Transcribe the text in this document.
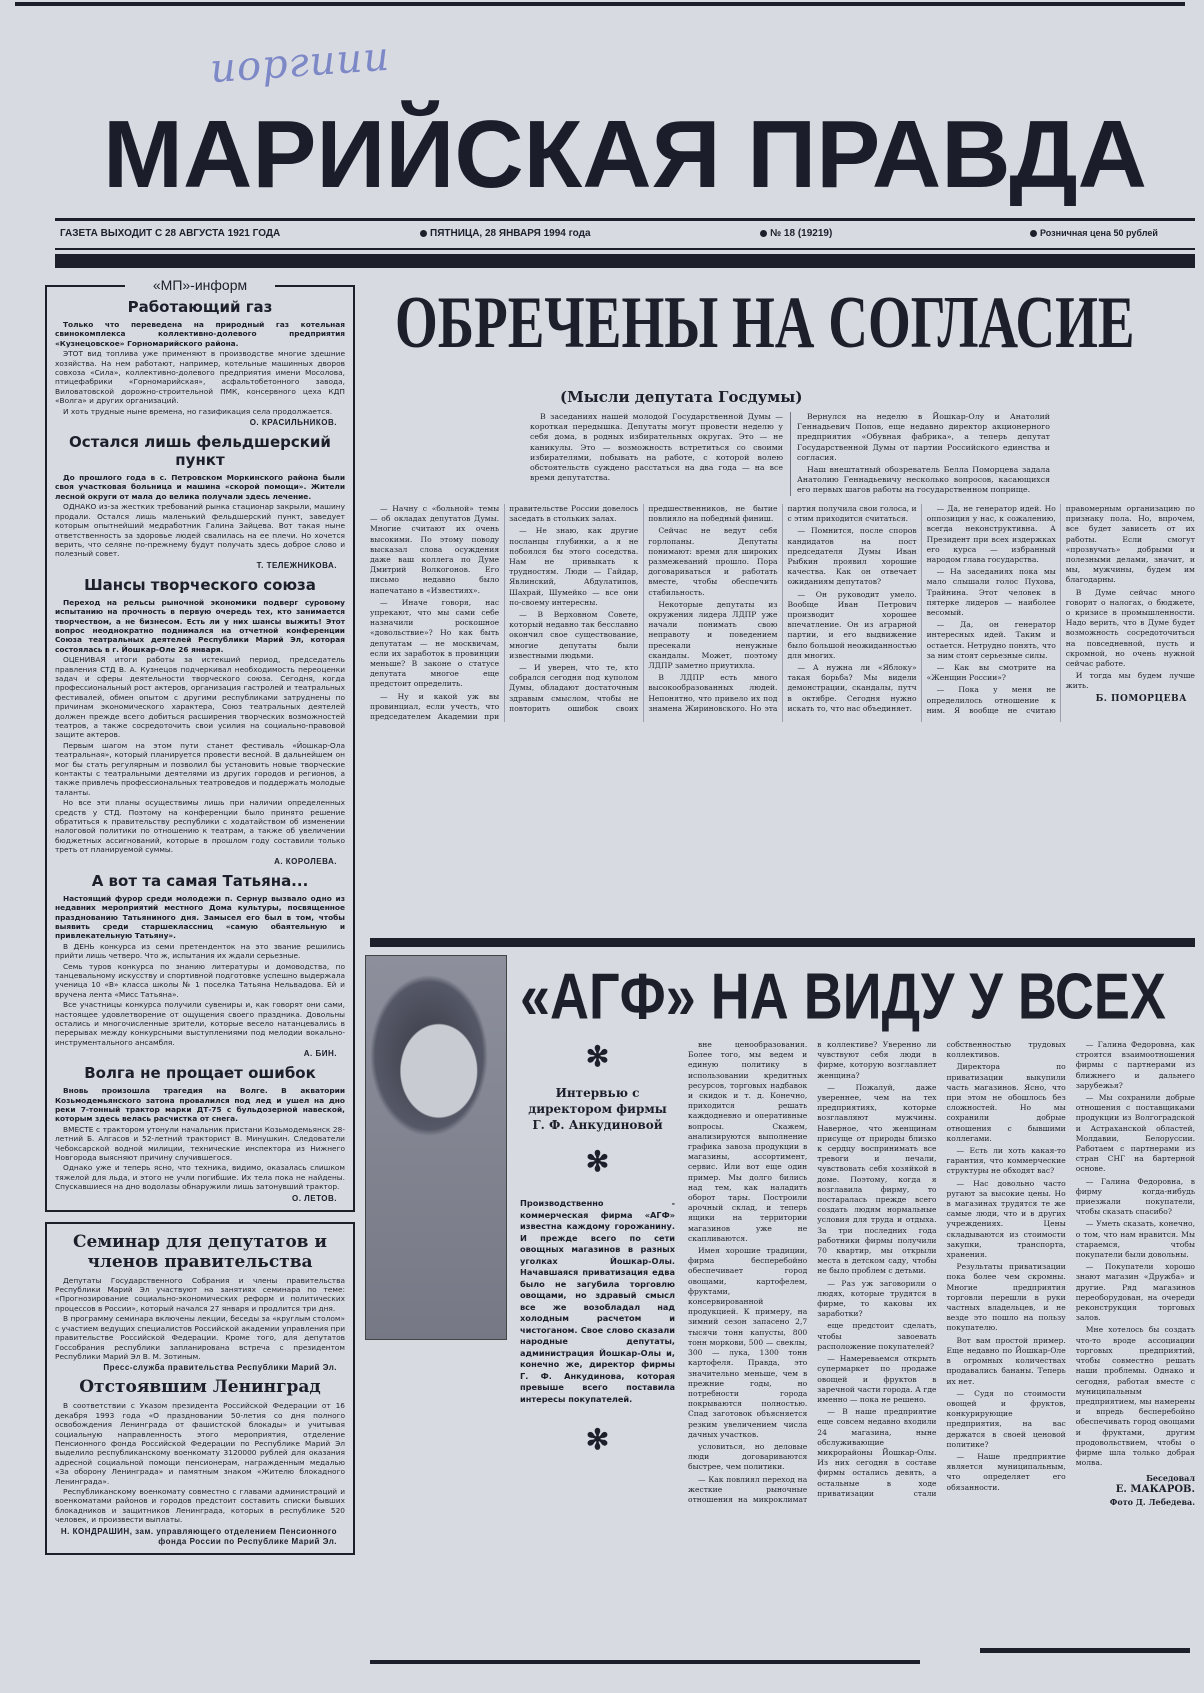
иоргиии
МАРИЙСКАЯ ПРАВДА
ГАЗЕТА ВЫХОДИТ С 28 АВГУСТА 1921 ГОДА	ПЯТНИЦА, 28 ЯНВАРЯ 1994 года	№ 18 (19219)	Розничная цена 50 рублей
«МП»-информ
Работающий газ

Только что переведена на природный газ котельная свинокомплекса коллективно-долевого предприятия «Кузнецовское» Горномарийского района.

ЭТОТ вид топлива уже применяют в производстве многие здешние хозяйства. На нем работают, например, котельные машинных дворов совхоза «Сила», коллективно-долевого предприятия имени Мосолова, птицефабрики «Горномарийская», асфальтобетонного завода, Виловатовской дорожно-строительной ПМК, консервного цеха КДП «Волга» и других организаций.

И хоть трудные ныне времена, но газификация села продолжается.

О. КРАСИЛЬНИКОВ.
Остался лишь фельдшерский пункт

До прошлого года в с. Петровском Моркинского района были своя участковая больница и машина «скорой помощи». Жители лесной округи от мала до велика получали здесь лечение.

ОДНАКО из-за жестких требований рынка стационар закрыли, машину продали. Остался лишь маленький фельдшерский пункт, заведует которым опытнейший медработник Галина Зайцева. Вот такая ныне ответственность за здоровье людей свалилась на ее плечи. Но хочется верить, что селяне по-прежнему будут получать здесь доброе слово и полезный совет.

Т. ТЕЛЕЖНИКОВА.
Шансы творческого союза

Переход на рельсы рыночной экономики подверг суровому испытанию на прочность в первую очередь тех, кто занимается творчеством, а не бизнесом. Есть ли у них шансы выжить! Этот вопрос неоднократно поднимался на отчетной конференции Союза театральных деятелей Республики Марий Эл, которая состоялась в г. Йошкар-Оле 26 января.

ОЦЕНИВАЯ итоги работы за истекший период, председатель правления СТД В. А. Кузнецов подчеркивал необходимость переоценки задач и сферы деятельности творческого союза. Сегодня, когда профессиональный рост актеров, организация гастролей и театральных фестивалей, обмен опытом с другими республиками затруднены по причинам экономического характера, Союз театральных деятелей должен прежде всего добиться расширения творческих возможностей театров, а также сосредоточить свои усилия на социально-правовой защите актеров.

Первым шагом на этом пути станет фестиваль «Йошкар-Ола театральная», который планируется провести весной. В дальнейшем он мог бы стать регулярным и позволил бы установить новые творческие контакты с театральными деятелями из других городов и регионов, а также привлечь профессиональных театроведов и поддержать молодые таланты.

Но все эти планы осуществимы лишь при наличии определенных средств у СТД. Поэтому на конференции было принято решение обратиться к правительству республики с ходатайством об изменении налоговой политики по отношению к театрам, а также об увеличении бюджетных ассигнований, которые в прошлом году составили только треть от планируемой суммы.

А. КОРОЛЕВА.
А вот та самая Татьяна...

Настоящий фурор среди молодежи п. Сернур вызвало одно из недавних мероприятий местного Дома культуры, посвященное празднованию Татьяниного дня. Замысел его был в том, чтобы выявить среди старшеклассниц «самую обаятельную и привлекательную Татьяну».

В ДЕНЬ конкурса из семи претенденток на это звание решились прийти лишь четверо. Что ж, испытания их ждали серьезные.

Семь туров конкурса по знанию литературы и домоводства, по танцевальному искусству и спортивной подготовке успешно выдержала ученица 10 «В» класса школы № 1 поселка Татьяна Нельвадова. Ей и вручена лента «Мисс Татьяна».

Все участницы конкурса получили сувениры и, как говорят они сами, настоящее удовлетворение от ощущения своего праздника. Довольны остались и многочисленные зрители, которые весело натанцевались в перерывах между конкурсными выступлениями под мелодии вокально-инструментального ансамбля.

А. БИН.
Волга не прощает ошибок

Вновь произошла трагедия на Волге. В акватории Козьмодемьянского затона провалился под лед и ушел на дно реки 7-тонный трактор марки ДТ-75 с бульдозерной навеской, которым здесь велась расчистка от снега.

ВМЕСТЕ с трактором утонули начальник пристани Козьмодемьянск 28-летний Б. Алгасов и 52-летний тракторист В. Минушкин. Следователи Чебоксарской водной милиции, технические инспектора из Нижнего Новгорода выясняют причину случившегося.

Однако уже и теперь ясно, что техника, видимо, оказалась слишком тяжелой для льда, и этого не учли погибшие. Их тела пока не найдены. Спускавшиеся на дно водолазы обнаружили лишь затонувший трактор.

О. ЛЕТОВ.
Семинар для депутатов и членов правительства

Депутаты Государственного Собрания и члены правительства Республики Марий Эл участвуют на занятиях семинара по теме: «Прогнозирование социально-экономических реформ и политических процессов в России», который начался 27 января и продлится три дня.

В программу семинара включены лекции, беседы за «круглым столом» с участием ведущих специалистов Российской академии управления при правительстве Российской Федерации. Кроме того, для депутатов Госсобрания республики запланирована встреча с президентом Республики Марий Эл В. М. Зотиным.

Пресс-служба правительства Республики Марий Эл.
Отстоявшим Ленинград

В соответствии с Указом президента Российской Федерации от 16 декабря 1993 года «О праздновании 50-летия со дня полного освобождения Ленинграда от фашистской блокады» и учитывая социальную направленность этого мероприятия, отделение Пенсионного фонда Российской Федерации по Республике Марий Эл выделило республиканскому военкомату 3120000 рублей для оказания адресной социальной помощи пенсионерам, награжденным медалью «За оборону Ленинграда» и памятным знаком «Жителю блокадного Ленинграда».

Республиканскому военкомату совместно с главами администраций и военкоматами районов и городов предстоит составить списки бывших блокадников и защитников Ленинграда, которых в республике 520 человек, и произвести выплаты.

Н. КОНДРАШИН, зам. управляющего отделением Пенсионного фонда России по Республике Марий Эл.
ОБРЕЧЕНЫ НА СОГЛАСИЕ
(Мысли депутата Госдумы)

В заседаниях нашей молодой Государственной Думы — короткая передышка. Депутаты могут провести неделю у себя дома, в родных избирательных округах. Это — не каникулы. Это — возможность встретиться со своими избирателями, побывать на работе, с которой волею обстоятельств суждено расстаться на два года — на все время депутатства.

Вернулся на неделю в Йошкар-Олу и Анатолий Геннадьевич Попов, еще недавно директор акционерного предприятия «Обувная фабрика», а теперь депутат Государственной Думы от партии Российского единства и согласия.

Наш внештатный обозреватель Белла Поморцева задала Анатолию Геннадьевичу несколько вопросов, касающихся его первых шагов работы на государственном поприще.

— Начну с «больной» темы — об окладах депутатов Думы. Многие считают их очень высокими. По этому поводу высказал слова осуждения даже ваш коллега по Думе Дмитрий Волкогонов. Его письмо недавно было напечатано в «Известиях».

— Иначе говоря, нас упрекают, что мы сами себе назначили роскошное «довольствие»? Но как быть депутатам — не москвичам, если их заработок в провинции меньше? В законе о статусе депутата многое еще предстоит определить.

— Ну и какой уж вы провинциал, если учесть, что председателем Академии при правительстве России довелось заседать в стольких залах.

— Не знаю, как другие посланцы глубинки, а я не побоялся бы этого соседства. Нам не привыкать к трудностям. Люди — Гайдар, Явлинский, Абдулатипов, Шахрай, Шумейко — все они по-своему интересны.

— В Верховном Совете, который недавно так бесславно окончил свое существование, многие депутаты были известными людьми.

— И уверен, что те, кто собрался сегодня под куполом Думы, обладают достаточным здравым смыслом, чтобы не повторить ошибок своих предшественников, не бытие повлияло на победный финиш.

Сейчас не ведут себя горлопаны. Депутаты понимают: время для широких размежеваний прошло. Пора договариваться и работать вместе, чтобы обеспечить стабильность.

Некоторые депутаты из окружения лидера ЛДПР уже начали понимать свою неправоту и поведением пресекали ненужные скандалы. Может, поэтому ЛДПР заметно приутихла.

В ЛДПР есть много высокообразованных людей. Непонятно, что привело их под знамена Жириновского. Но эта партия получила свои голоса, и с этим приходится считаться.

— Помнится, после споров кандидатов на пост председателя Думы Иван Рыбкин проявил хорошие качества. Как он отвечает ожиданиям депутатов?

— Он руководит умело. Вообще Иван Петрович производит хорошее впечатление. Он из аграрной партии, и его выдвижение было большой неожиданностью для многих.

— А нужна ли «Яблоку» такая борьба? Мы видели демонстрации, скандалы, путч в октябре. Сегодня нужно искать то, что нас объединяет.

— Да, не генератор идей. Но оппозиция у нас, к сожалению, всегда неконструктивна. А Президент при всех издержках его курса — избранный народом глава государства.

— На заседаниях пока мы мало слышали голос Пухова, Трайнина. Этот человек в пятерке лидеров — наиболее весомый.

— Да, он генератор интересных идей. Таким и остается. Нетрудно понять, что за ним стоят серьезные силы.

— Как вы смотрите на «Женщин России»?

— Пока у меня не определилось отношение к ним. Я вообще не считаю правомерным организацию по признаку пола. Но, впрочем, все будет зависеть от их работы. Если смогут «прозвучать» добрыми и полезными делами, значит, и мы, мужчины, будем им благодарны.

В Думе сейчас много говорят о налогах, о бюджете, о кризисе в промышленности. Надо верить, что в Думе будет возможность сосредоточиться на повседневной, пусть и скромной, но очень нужной сейчас работе.

И тогда мы будем лучше жить.

Б. ПОМОРЦЕВА
«АГФ» НА ВИДУ У ВСЕХ
✻
Интервью с директором фирмы Г. Ф. Анкудиновой
✻
Производственно - коммерческая фирма «АГФ» известна каждому горожанину. И прежде всего по сети овощных магазинов в разных уголках Йошкар-Олы. Начавшаяся приватизация едва было не загубила торговлю овощами, но здравый смысл все же возобладал над холодным расчетом и чистоганом. Свое слово сказали народные депутаты, администрация Йошкар-Олы и, конечно же, директор фирмы Г. Ф. Анкудинова, которая превыше всего поставила интересы покупателей.
✻

вне ценообразования. Более того, мы ведем и единую политику в использовании кредитных ресурсов, торговых надбавок и скидок и т. д. Конечно, приходится решать каждодневно и оперативные вопросы. Скажем, анализируются выполнение графика завоза продукции в магазины, ассортимент, сервис. Или вот еще один пример. Мы долго бились над тем, как наладить оборот тары. Построили арочный склад, и теперь ящики на территории магазинов уже не скапливаются.

Имея хорошие традиции, фирма бесперебойно обеспечивает город овощами, картофелем, фруктами, консервированной продукцией. К примеру, на зимний сезон запасено 2,7 тысячи тонн капусты, 800 тонн моркови, 500 — свеклы, 300 — лука, 1300 тонн картофеля. Правда, это значительно меньше, чем в прежние годы, но потребности города покрываются полностью. Спад заготовок объясняется резким увеличением числа дачных участков.

условиться, но деловые люди договариваются быстрее, чем политики.

— Как повлиял переход на жесткие рыночные отношения на микроклимат в коллективе? Уверенно ли чувствуют себя люди в фирме, которую возглавляет женщина?

— Пожалуй, даже увереннее, чем на тех предприятиях, которые возглавляют мужчины. Наверное, что женщинам присуще от природы близко к сердцу воспринимать все тревоги и печали, чувствовать себя хозяйкой в доме. Поэтому, когда я возглавила фирму, то постаралась прежде всего создать людям нормальные условия для труда и отдыха. За три последних года работники фирмы получили 70 квартир, мы открыли места в детском саду, чтобы не было проблем с детьми.

— Раз уж заговорили о людях, которые трудятся в фирме, то каковы их заработки?

еще предстоит сделать, чтобы завоевать расположение покупателей?

— Намереваемся открыть супермаркет по продаже овощей и фруктов в заречной части города. А где именно — пока не решено.

— В наше предприятие еще совсем недавно входили 24 магазина, ныне обслуживающие микрорайоны Йошкар-Олы. Из них сегодня в составе фирмы остались девять, а остальные в ходе приватизации стали собственностью трудовых коллективов.

Директора по приватизации выкупили часть магазинов. Ясно, что при этом не обошлось без сложностей. Но мы сохранили добрые отношения с бывшими коллегами.

— Есть ли хоть какая-то гарантия, что коммерческие структуры не обходят вас?

— Нас довольно часто ругают за высокие цены. Но в магазинах трудятся те же самые люди, что и в других учреждениях. Цены складываются из стоимости закупки, транспорта, хранения.

Результаты приватизации пока более чем скромны. Многие предприятия торговли перешли в руки частных владельцев, и не везде это пошло на пользу покупателю.

Вот вам простой пример. Еще недавно по Йошкар-Оле в огромных количествах продавались бананы. Теперь их нет.

— Судя по стоимости овощей и фруктов, конкурирующие предприятия, на вас держатся в своей ценовой политике?

— Наше предприятие является муниципальным, что определяет его обязанности.

— Галина Федоровна, как строятся взаимоотношения фирмы с партнерами из ближнего и дальнего зарубежья?

— Мы сохранили добрые отношения с поставщиками продукции из Волгоградской и Астраханской областей, Молдавии, Белоруссии. Работаем с партнерами из стран СНГ на бартерной основе.

— Галина Федоровна, в фирму когда-нибудь приезжали покупатели, чтобы сказать спасибо?

— Уметь сказать, конечно, о том, что нам нравится. Мы стараемся, чтобы покупатели были довольны.

— Покупатели хорошо знают магазин «Дружба» и другие. Ряд магазинов переоборудован, на очереди реконструкция торговых залов.

Мне хотелось бы создать что-то вроде ассоциации торговых предприятий, чтобы совместно решать наши проблемы. Однако и сегодня, работая вместе с муниципальным предприятием, мы намерены и впредь бесперебойно обеспечивать город овощами и фруктами, другим продовольствием, чтобы о фирме шла только добрая молва.

Беседовал
Е. МАКАРОВ.
Фото Д. Лебедева.
